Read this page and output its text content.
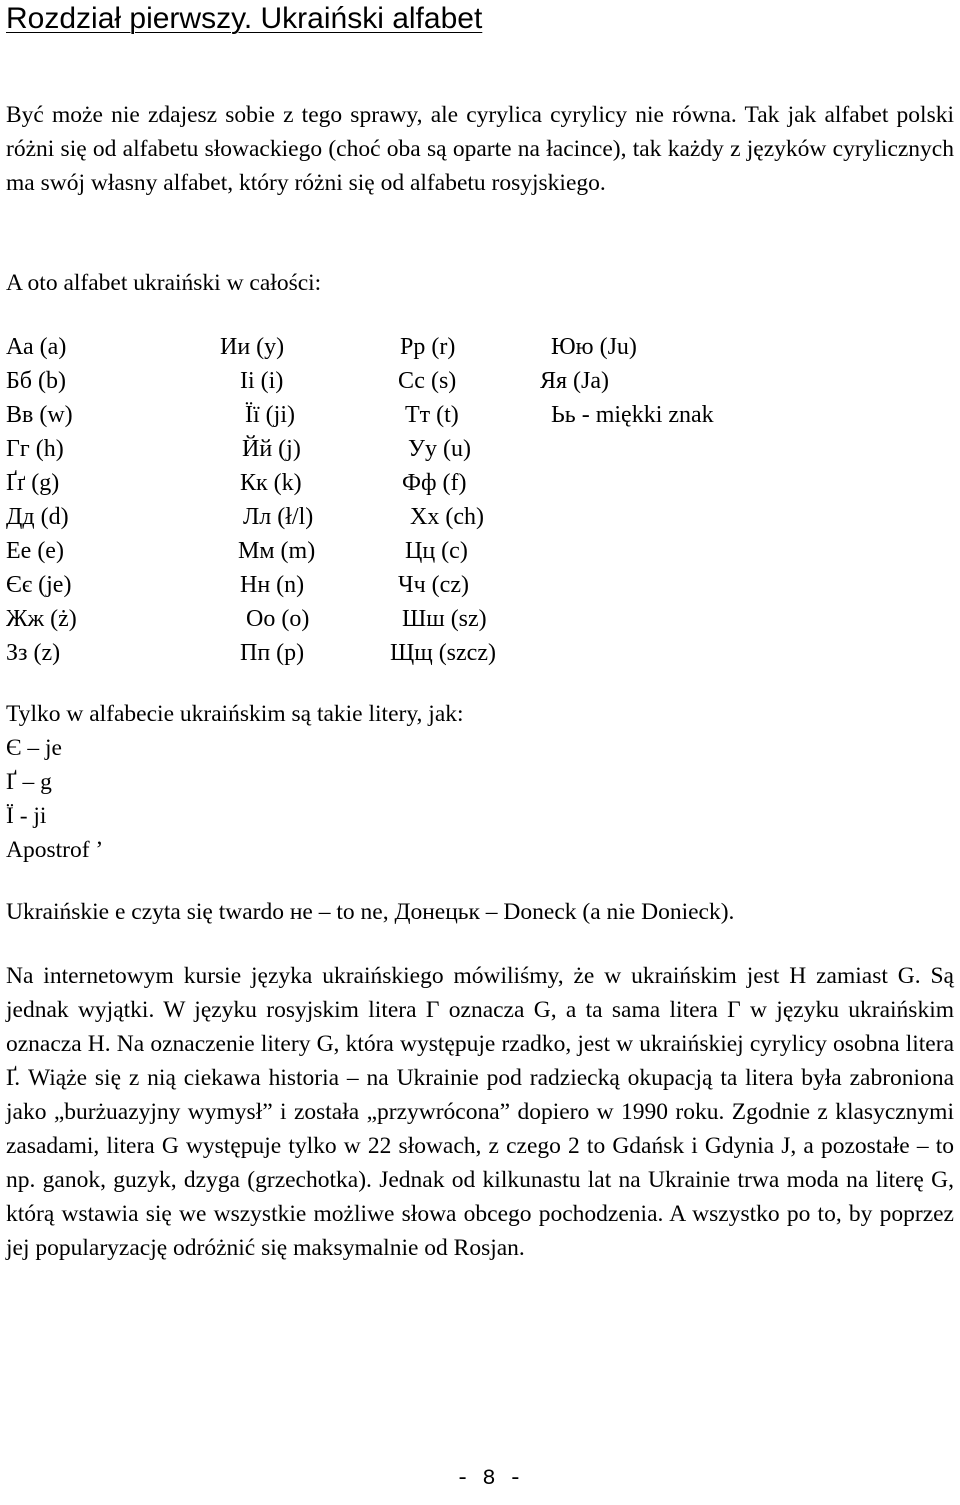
Rozdział pierwszy. Ukraiński alfabet

Być może nie zdajesz sobie z tego sprawy, ale cyrylica cyrylicy nie równa. Tak jak alfabet polski różni się od alfabetu słowackiego (choć oba są oparte na łacince), tak każdy z języków cyrylicznych ma swój własny alfabet, który różni się od alfabetu rosyjskiego.

A oto alfabet ukraiński w całości:
Аа (a)	Ии (y)	Рр (r)	Юю (Ju)
Бб (b)	Іі (i)	Сс (s)	Яя (Ja)
Вв (w)	Її (ji)	Тт (t)	Ьь - miękki znak
Гг (h)	Йй (j)	Уу (u)
Ґґ (g)	Кк (k)	Фф (f)
Дд (d)	Лл (ł/l)	Хх (ch)
Ее (e)	Мм (m)	Цц (c)
Єє (je)	Нн (n)	Чч (cz)
Жж (ż)	Оо (o)	Шш (sz)
Зз (z)	Пп (p)	Щщ (szcz)
Tylko w alfabecie ukraińskim są takie litery, jak:
Є – je
Ґ – g
Ї - ji
Apostrof ’
Ukraińskie e czyta się twardo не – to ne, Донецьк – Doneck (a nie Donieck).

Na internetowym kursie języka ukraińskiego mówiliśmy, że w ukraińskim jest H zamiast G. Są jednak wyjątki. W języku rosyjskim litera Г oznacza G, a ta sama litera Г w języku ukraińskim oznacza H. Na oznaczenie litery G, która występuje rzadko, jest w ukraińskiej cyrylicy osobna litera Ґ. Wiąże się z nią ciekawa historia – na Ukrainie pod radziecką okupacją ta litera była zabroniona jako „burżuazyjny wymysł” i została „przywrócona” dopiero w 1990 roku. Zgodnie z klasycznymi zasadami, litera G występuje tylko w 22 słowach, z czego 2 to Gdańsk i Gdynia J, a pozostałe – to np. ganok, guzyk, dzyga (grzechotka). Jednak od kilkunastu lat na Ukrainie trwa moda na literę G, którą wstawia się we wszystkie możliwe słowa obcego pochodzenia. A wszystko po to, by poprzez jej popularyzację odróżnić się maksymalnie od Rosjan.

- 8 -
